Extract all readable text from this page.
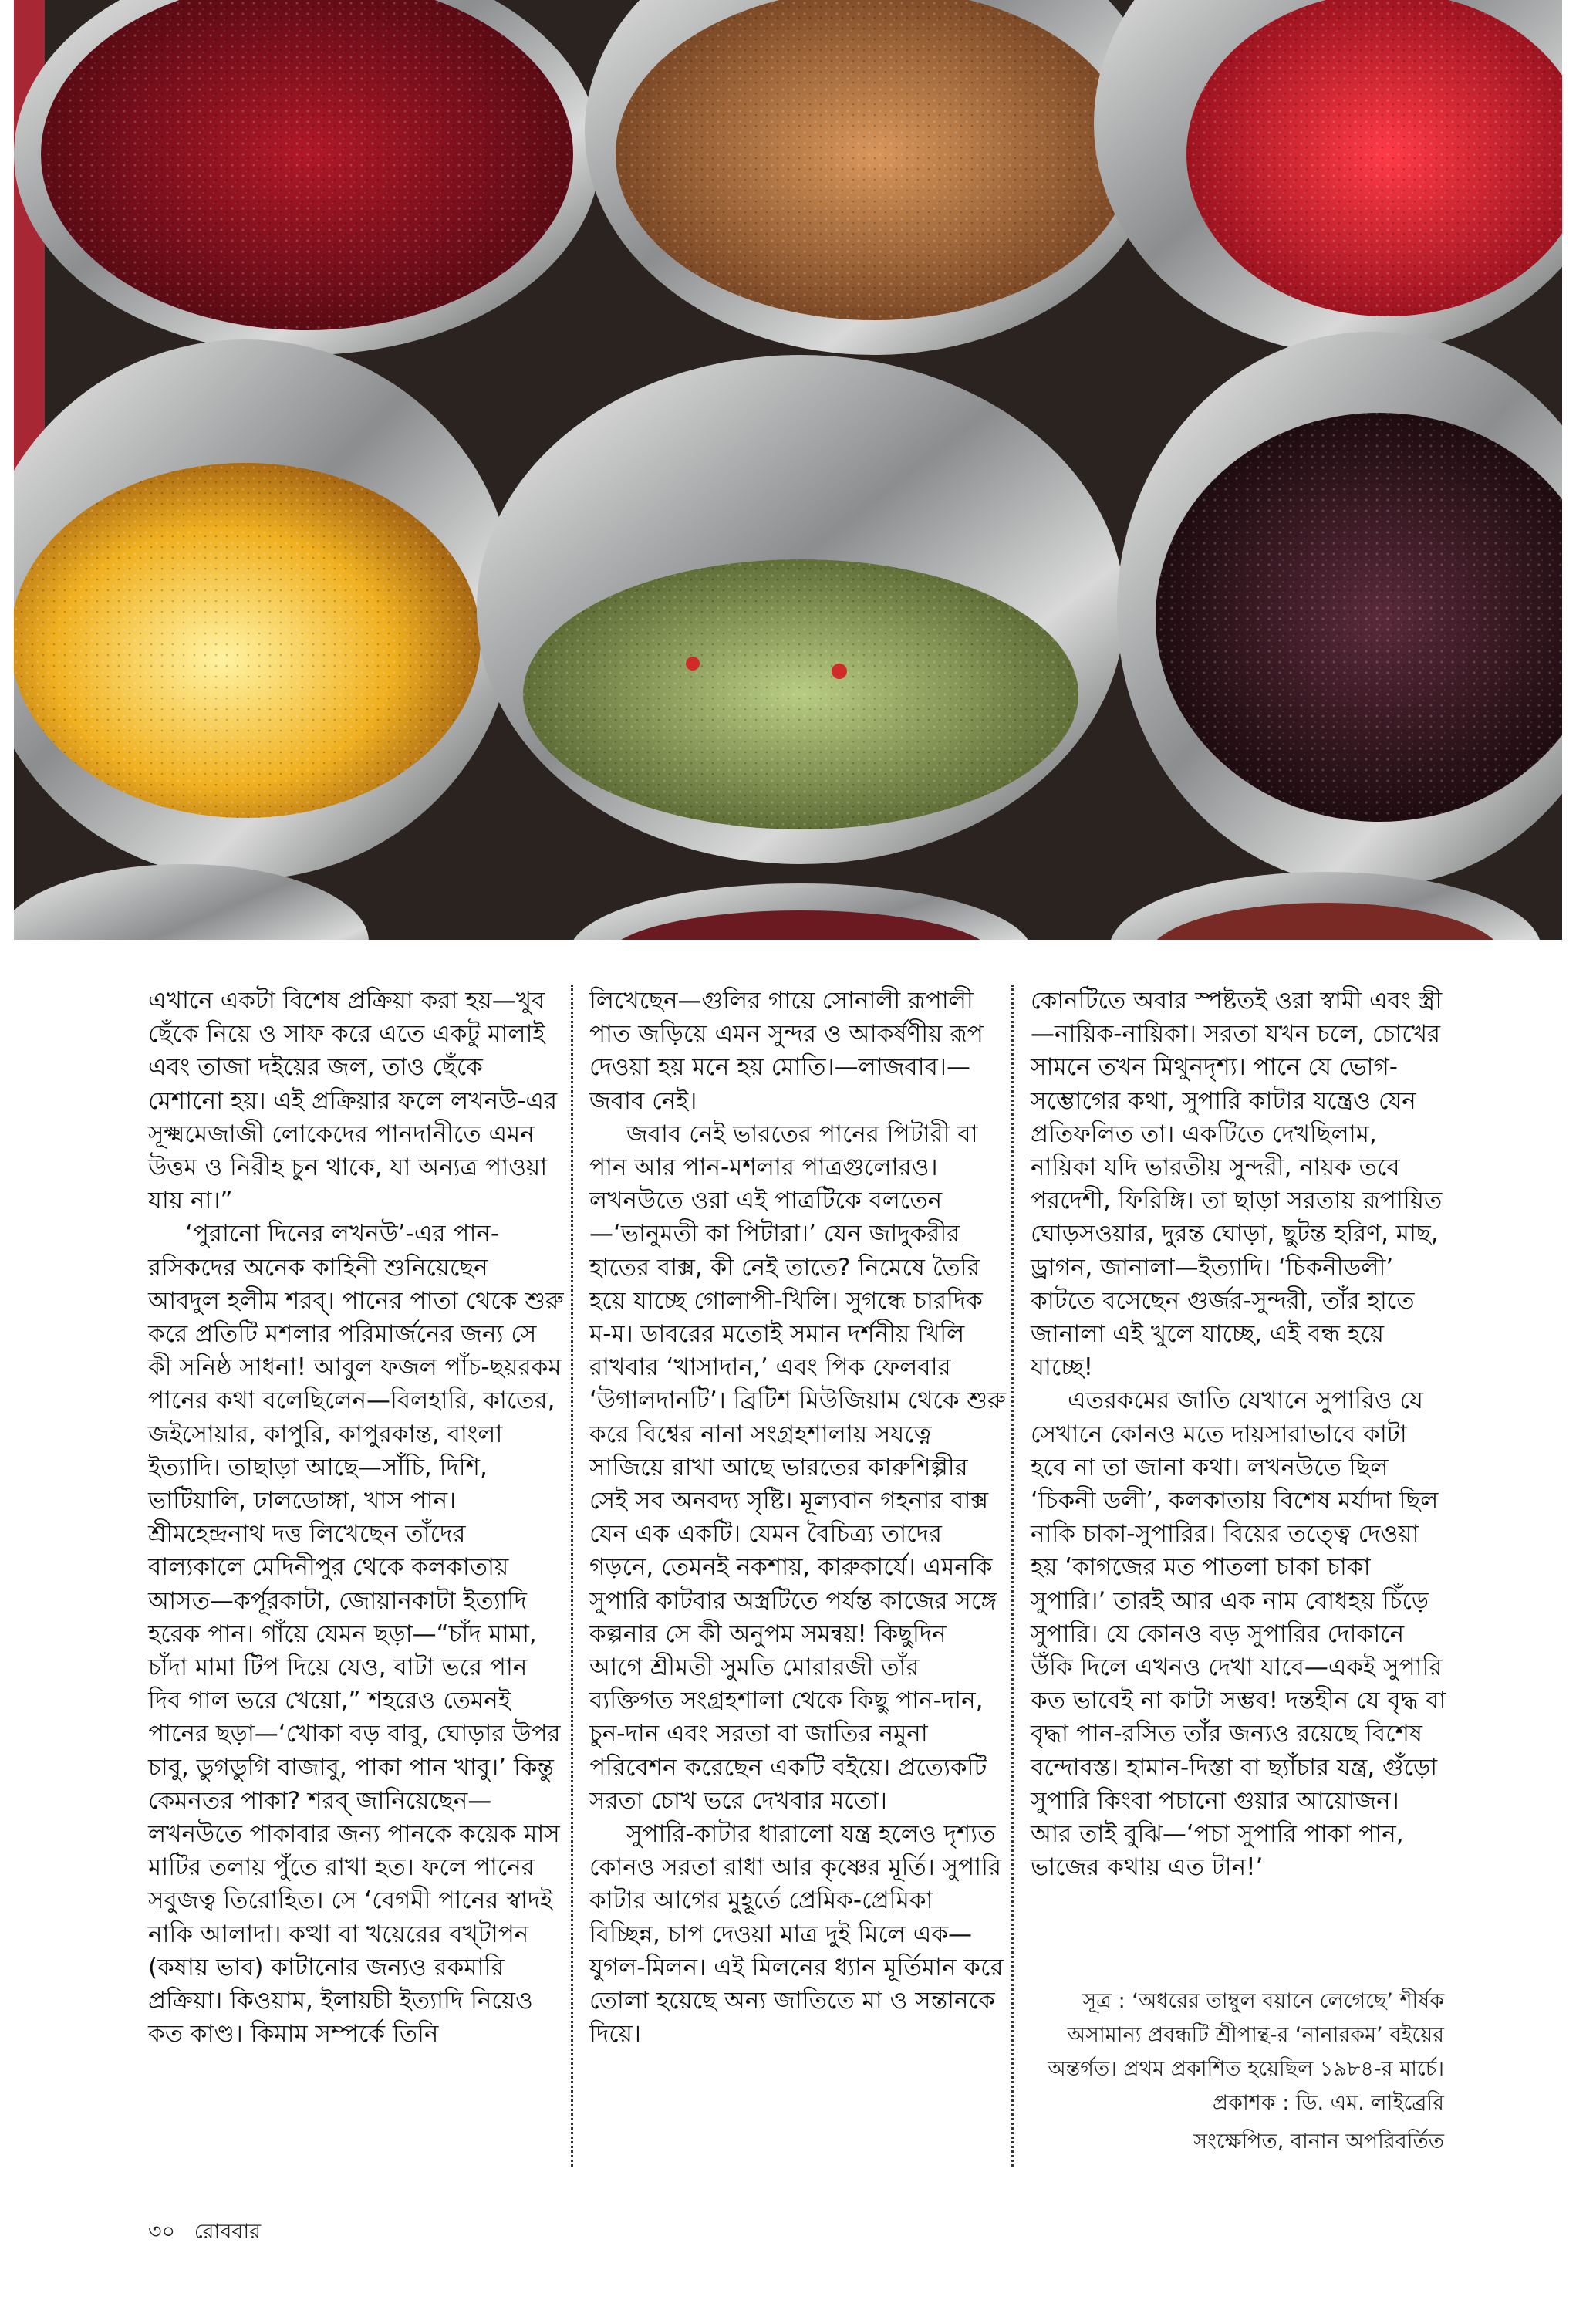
এখানে একটা বিশেষ প্রক্রিয়া করা হয়—খুব ছেঁকে নিয়ে ও সাফ করে এতে একটু মালাই এবং তাজা দইয়ের জল, তাও ছেঁকে মেশানো হয়। এই প্রক্রিয়ার ফলে লখনউ-এর সূক্ষ্মমেজাজী লোকেদের পানদানীতে এমন উত্তম ও নিরীহ চুন থাকে, যা অন্যত্র পাওয়া যায় না।”

‘পুরানো দিনের লখনউ’-এর পান-রসিকদের অনেক কাহিনী শুনিয়েছেন আবদুল হলীম শরব্। পানের পাতা থেকে শুরু করে প্রতিটি মশলার পরিমার্জনের জন্য সে কী সনিষ্ঠ সাধনা! আবুল ফজল পাঁচ-ছয়রকম পানের কথা বলেছিলেন—বিলহারি, কাতের, জইসোয়ার, কাপুরি, কাপুরকান্ত, বাংলা ইত্যাদি। তাছাড়া আছে—সাঁচি, দিশি, ভাটিয়ালি, ঢালডোঙ্গা, খাস পান। শ্রীমহেন্দ্রনাথ দত্ত লিখেছেন তাঁদের বাল্যকালে মেদিনীপুর থেকে কলকাতায় আসত—কর্পূরকাটা, জোয়ানকাটা ইত্যাদি হরেক পান। গাঁয়ে যেমন ছড়া—“চাঁদ মামা, চাঁদা মামা টিপ দিয়ে যেও, বাটা ভরে পান দিব গাল ভরে খেয়ো,” শহরেও তেমনই পানের ছড়া—‘খোকা বড় বাবু, ঘোড়ার উপর চাবু, ডুগডুগি বাজাবু, পাকা পান খাবু।’ কিন্তু কেমনতর পাকা? শরব্ জানিয়েছেন—লখনউতে পাকাবার জন্য পানকে কয়েক মাস মাটির তলায় পুঁতে রাখা হত। ফলে পানের সবুজত্ব তিরোহিত। সে ‘বেগমী পানের স্বাদই নাকি আলাদা। কত্থা বা খয়েরের বখ্‌টাপন (কষায় ভাব) কাটানোর জন্যও রকমারি প্রক্রিয়া। কিওয়াম, ইলায়চী ইত্যাদি নিয়েও কত কাণ্ড। কিমাম সম্পর্কে তিনি

লিখেছেন—গুলির গায়ে সোনালী রূপালী পাত জড়িয়ে এমন সুন্দর ও আকর্ষণীয় রূপ দেওয়া হয় মনে হয় মোতি।—লাজবাব।—জবাব নেই।

জবাব নেই ভারতের পানের পিটারী বা পান আর পান-মশলার পাত্রগুলোরও। লখনউতে ওরা এই পাত্রটিকে বলতেন—‘ভানুমতী কা পিটারা।’ যেন জাদুকরীর হাতের বাক্স, কী নেই তাতে? নিমেষে তৈরি হয়ে যাচ্ছে গোলাপী-খিলি। সুগন্ধে চারদিক ম-ম। ডাবরের মতোই সমান দর্শনীয় খিলি রাখবার ‘খাসাদান,’ এবং পিক ফেলবার ‘উগালদানটি’। ব্রিটিশ মিউজিয়াম থেকে শুরু করে বিশ্বের নানা সংগ্রহশালায় সযত্নে সাজিয়ে রাখা আছে ভারতের কারুশিল্পীর সেই সব অনবদ্য সৃষ্টি। মূল্যবান গহনার বাক্স যেন এক একটি। যেমন বৈচিত্র্য তাদের গড়নে, তেমনই নকশায়, কারুকার্যে। এমনকি সুপারি কাটবার অস্ত্রটিতে পর্যন্ত কাজের সঙ্গে কল্পনার সে কী অনুপম সমন্বয়! কিছুদিন আগে শ্রীমতী সুমতি মোরারজী তাঁর ব্যক্তিগত সংগ্রহশালা থেকে কিছু পান-দান, চুন-দান এবং সরতা বা জাতির নমুনা পরিবেশন করেছেন একটি বইয়ে। প্রত্যেকটি সরতা চোখ ভরে দেখবার মতো।

সুপারি-কাটার ধারালো যন্ত্র হলেও দৃশ্যত কোনও সরতা রাধা আর কৃষ্ণের মূর্তি। সুপারি কাটার আগের মুহূর্তে প্রেমিক-প্রেমিকা বিচ্ছিন্ন, চাপ দেওয়া মাত্র দুই মিলে এক—যুগল-মিলন। এই মিলনের ধ্যান মূর্তিমান করে তোলা হয়েছে অন্য জাতিতে মা ও সন্তানকে দিয়ে।

কোনটিতে অবার স্পষ্টতই ওরা স্বামী এবং স্ত্রী—নায়িক-নায়িকা। সরতা যখন চলে, চোখের সামনে তখন মিথুনদৃশ্য। পানে যে ভোগ-সম্ভোগের কথা, সুপারি কাটার যন্ত্রেও যেন প্রতিফলিত তা। একটিতে দেখছিলাম, নায়িকা যদি ভারতীয় সুন্দরী, নায়ক তবে পরদেশী, ফিরিঙ্গি। তা ছাড়া সরতায় রূপায়িত ঘোড়সওয়ার, দুরন্ত ঘোড়া, ছুটন্ত হরিণ, মাছ, ড্রাগন, জানালা—ইত্যাদি। ‘চিকনীডলী’ কাটতে বসেছেন গুর্জর-সুন্দরী, তাঁর হাতে জানালা এই খুলে যাচ্ছে, এই বন্ধ হয়ে যাচ্ছে!

এতরকমের জাতি যেখানে সুপারিও যে সেখানে কোনও মতে দায়সারাভাবে কাটা হবে না তা জানা কথা। লখনউতে ছিল ‘চিকনী ডলী’, কলকাতায় বিশেষ মর্যাদা ছিল নাকি চাকা-সুপারির। বিয়ের তত্ত্বে দেওয়া হয় ‘কাগজের মত পাতলা চাকা চাকা সুপারি।’ তারই আর এক নাম বোধহয় চিঁড়ে সুপারি। যে কোনও বড় সুপারির দোকানে উঁকি দিলে এখনও দেখা যাবে—একই সুপারি কত ভাবেই না কাটা সম্ভব! দন্তহীন যে বৃদ্ধ বা বৃদ্ধা পান-রসিত তাঁর জন্যও রয়েছে বিশেষ বন্দোবস্ত। হামান-দিস্তা বা ছ্যাঁচার যন্ত্র, গুঁড়ো সুপারি কিংবা পচানো গুয়ার আয়োজন। আর তাই বুঝি—‘পচা সুপারি পাকা পান, ভাজের কথায় এত টান!’

সূত্র : ‘অধরের তাম্বুল বয়ানে লেগেছে’ শীর্ষক অসামান্য প্রবন্ধটি শ্রীপান্থ-র ‘নানারকম’ বইয়ের অন্তর্গত। প্রথম প্রকাশিত হয়েছিল ১৯৮৪-র মার্চে। প্রকাশক : ডি. এম. লাইব্রেরি

সংক্ষেপিত, বানান অপরিবর্তিত

৩০ রোববার
